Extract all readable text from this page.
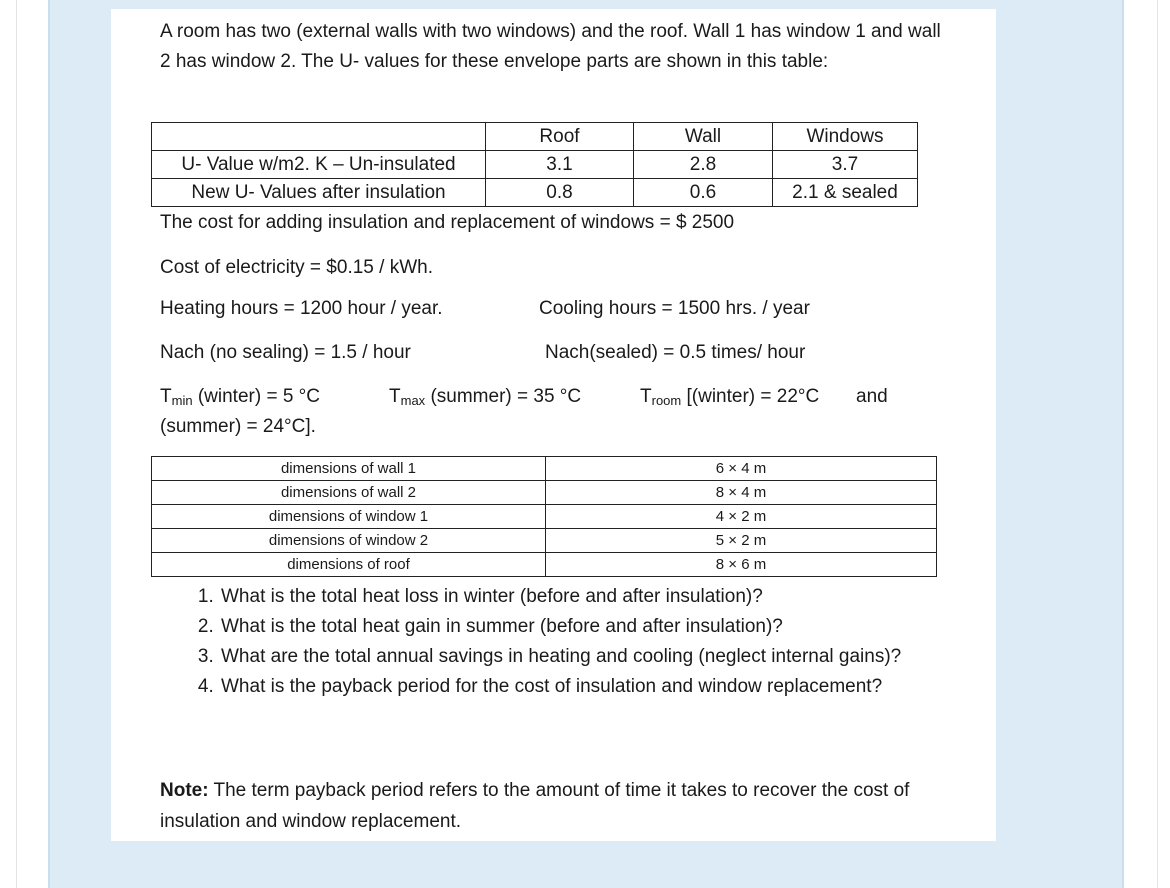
A room has two (external walls with two windows) and the roof. Wall 1 has window 1 and wall 2 has window 2. The U- values for these envelope parts are shown in this table:

	Roof	Wall	Windows
U- Value w/m2. K – Un-insulated	3.1	2.8	3.7
New U- Values after insulation	0.8	0.6	2.1 & sealed
The cost for adding insulation and replacement of windows = $ 2500
Cost of electricity = $0.15 / kWh.
Heating hours = 1200 hour / year.	Cooling hours = 1500 hrs. / year
Nach (no sealing) = 1.5 / hour	Nach(sealed) = 0.5 times/ hour
$T_{min}$ (winter) = 5 °C	$T_{max}$ (summer) = 35 °C	$T_{room}$ [(winter) = 22°C and
(summer) = 24°C].
dimensions of wall 1	6 × 4 m
dimensions of wall 2	8 × 4 m
dimensions of window 1	4 × 2 m
dimensions of window 2	5 × 2 m
dimensions of roof	8 × 6 m
1. What is the total heat loss in winter (before and after insulation)?
2. What is the total heat gain in summer (before and after insulation)?
3. What are the total annual savings in heating and cooling (neglect internal gains)?
4. What is the payback period for the cost of insulation and window replacement?

Note: The term payback period refers to the amount of time it takes to recover the cost of insulation and window replacement.
